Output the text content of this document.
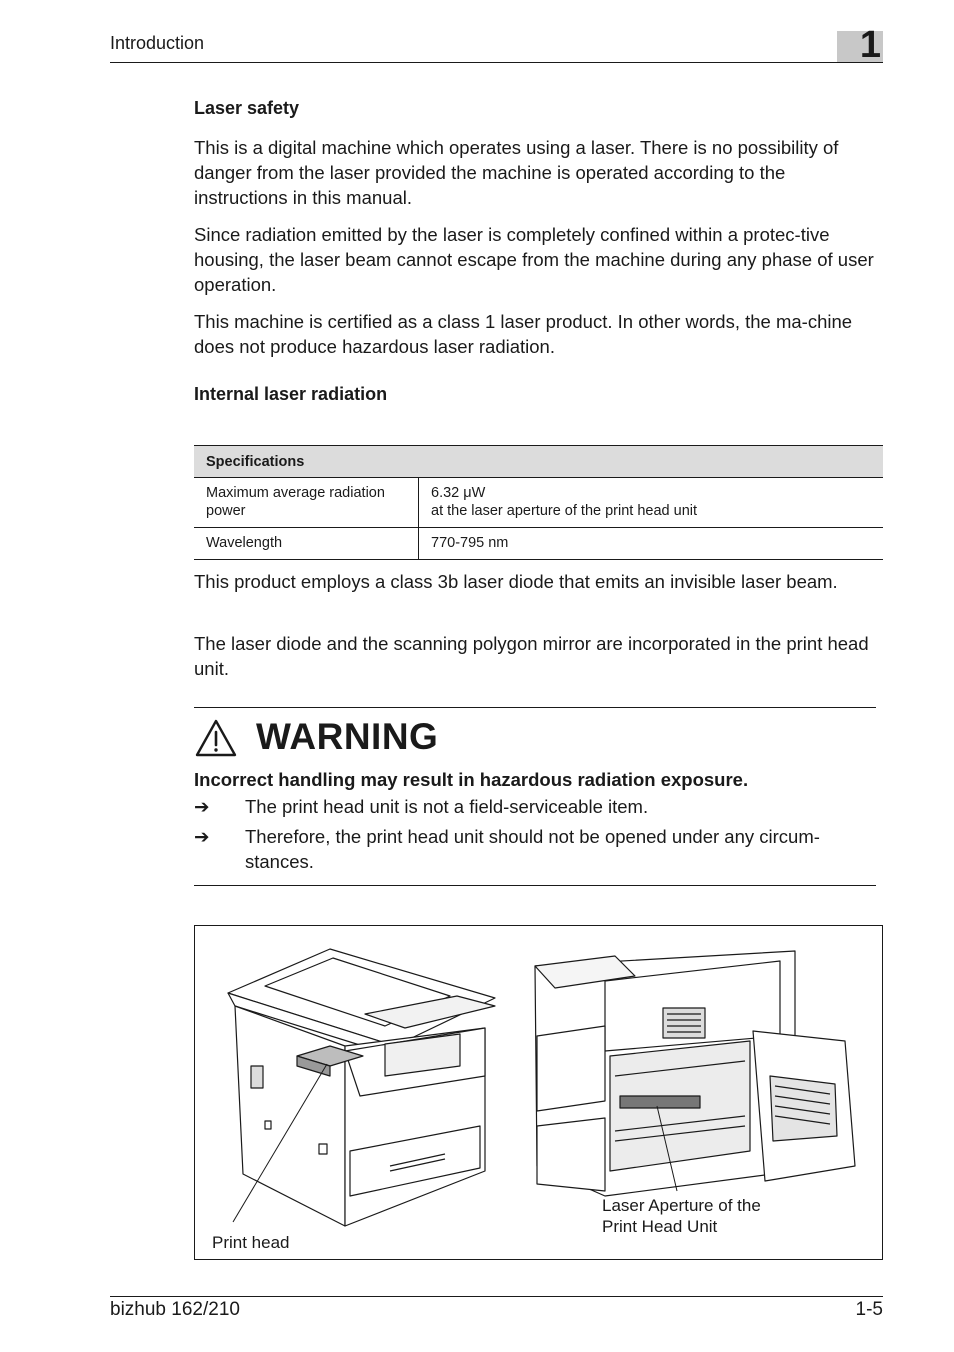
Introduction	1
Laser safety

This is a digital machine which operates using a laser. There is no possibility of danger from the laser provided the machine is operated according to the instructions in this manual.

Since radiation emitted by the laser is completely confined within a protec-tive housing, the laser beam cannot escape from the machine during any phase of user operation.

This machine is certified as a class 1 laser product. In other words, the ma-chine does not produce hazardous laser radiation.

Internal laser radiation
Specifications	
Maximum average radiation power	6.32 μW
at the laser aperture of the print head unit

Wavelength	770-795 nm

This product employs a class 3b laser diode that emits an invisible laser beam.

The laser diode and the scanning polygon mirror are incorporated in the print head unit.

WARNING
Incorrect handling may result in hazardous radiation exposure.
➔ The print head unit is not a field-serviceable item.
➔ Therefore, the print head unit should not be opened under any circum-stances.
Print head
Laser Aperture of the
Print Head Unit
bizhub 162/210	1-5
